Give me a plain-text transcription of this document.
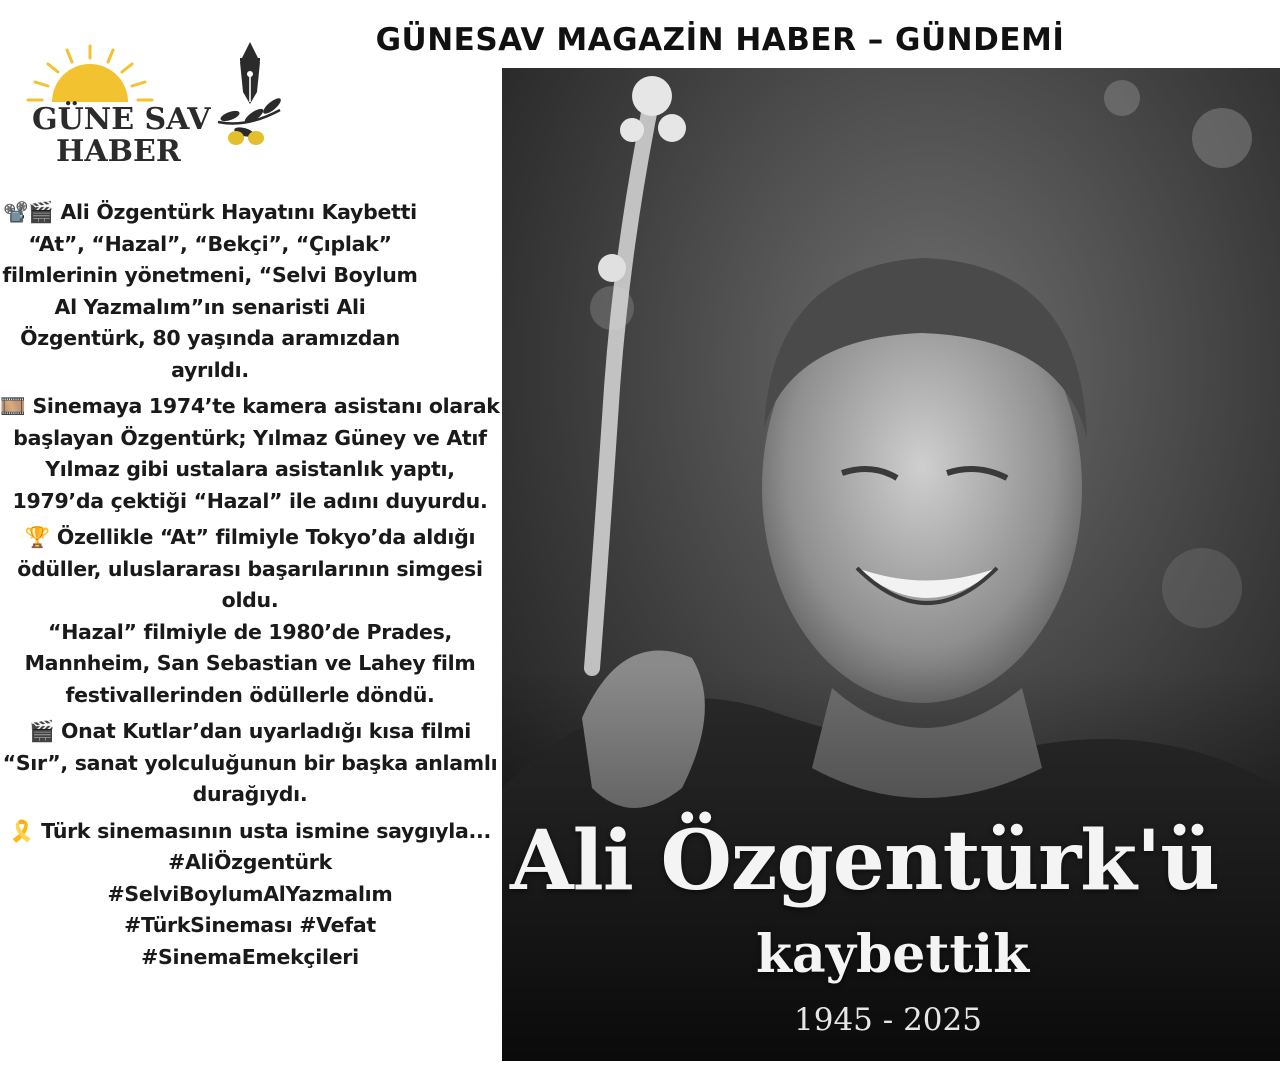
GÜNESAV MAGAZİN HABER – GÜNDEMİ
GÜNE SAV
HABER

📽️🎬 Ali Özgentürk Hayatını Kaybetti
“At”, “Hazal”, “Bekçi”, “Çıplak” filmlerinin yönetmeni, “Selvi Boylum Al Yazmalım”ın senaristi Ali Özgentürk, 80 yaşında aramızdan ayrıldı.

🎞️ Sinemaya 1974’te kamera asistanı olarak başlayan Özgentürk; Yılmaz Güney ve Atıf Yılmaz gibi ustalara asistanlık yaptı, 1979’da çektiği “Hazal” ile adını duyurdu.

🏆 Özellikle “At” filmiyle Tokyo’da aldığı ödüller, uluslararası başarılarının simgesi oldu.
“Hazal” filmiyle de 1980’de Prades, Mannheim, San Sebastian ve Lahey film festivallerinden ödüllerle döndü.

🎬 Onat Kutlar’dan uyarladığı kısa filmi “Sır”, sanat yolculuğunun bir başka anlamlı durağıydı.

🎗️ Türk sinemasının usta ismine saygıyla...
#AliÖzgentürk
#SelviBoylumAlYazmalım
#TürkSineması #Vefat
#SinemaEmekçileri

Ali Özgentürk'ü
kaybettik
1945 - 2025
